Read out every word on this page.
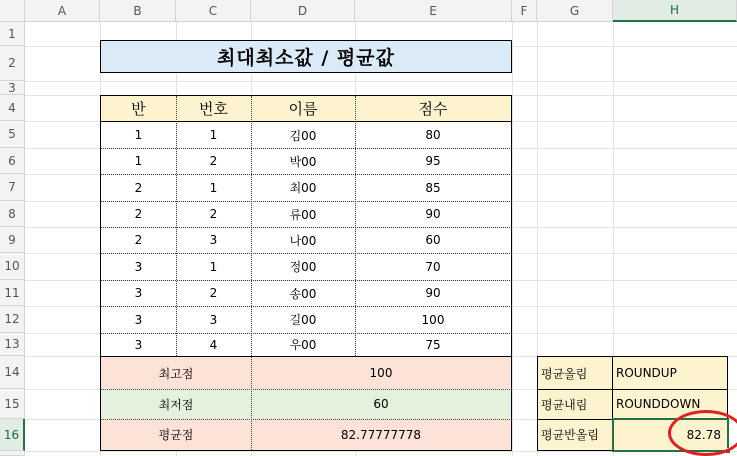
A	B	C	D	E	F	G	H
1
2
3
4
5
6
7
8
9
10
11
12
13
14
15
16
최대최소값 / 평균값
반	번호	이름	점수
1	1	김00	80
1	2	박00	95
2	1	최00	85
2	2	류00	90
2	3	나00	60
3	1	정00	70
3	2	송00	90
3	3	길00	100
3	4	우00	75
최고점	100
최저점	60
평균점	82.77777778
평균올림	ROUNDUP
평균내림	ROUNDDOWN
평균반올림	82.78
